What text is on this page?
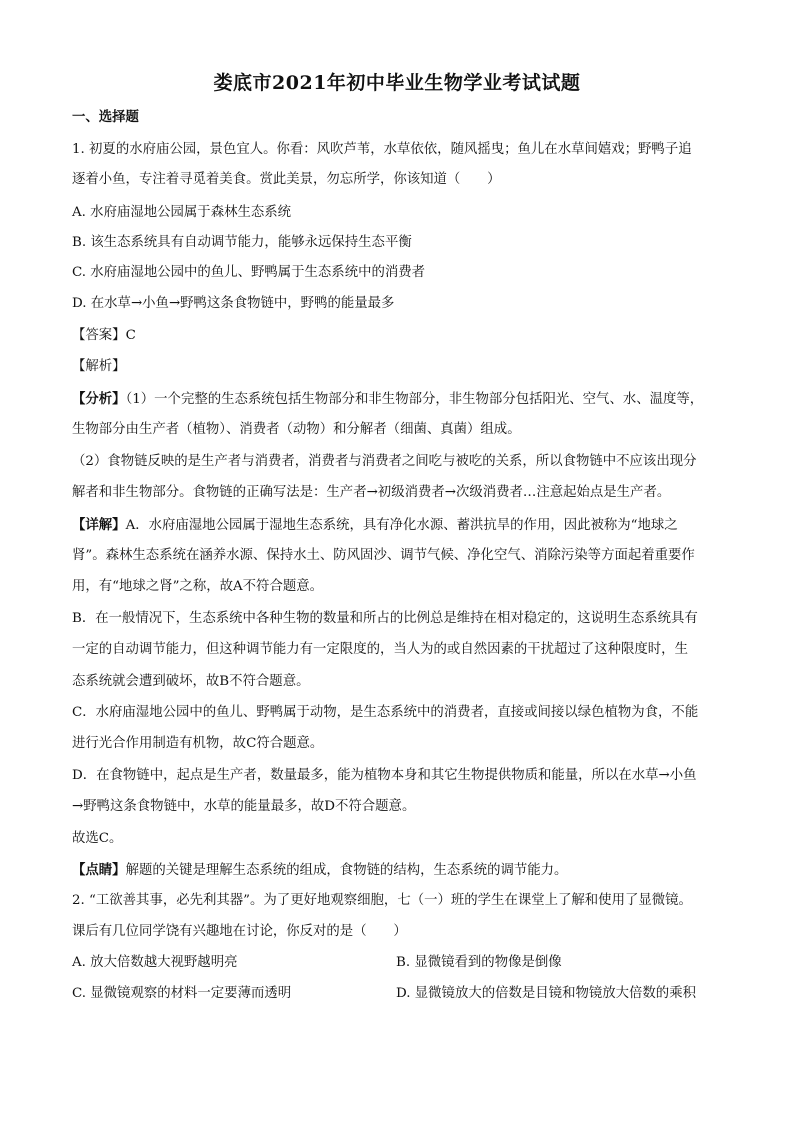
娄底市2021年初中毕业生物学业考试试题
一、选择题
1. 初夏的水府庙公园，景色宜人。你看：风吹芦苇，水草依依，随风摇曳；鱼儿在水草间嬉戏；野鸭子追
逐着小鱼，专注着寻觅着美食。赏此美景，勿忘所学，你该知道（　　）
A. 水府庙湿地公园属于森林生态系统
B. 该生态系统具有自动调节能力，能够永远保持生态平衡
C. 水府庙湿地公园中的鱼儿、野鸭属于生态系统中的消费者
D. 在水草→小鱼→野鸭这条食物链中，野鸭的能量最多
【答案】C
【解析】
【分析】（1）一个完整的生态系统包括生物部分和非生物部分，非生物部分包括阳光、空气、水、温度等，
生物部分由生产者（植物）、消费者（动物）和分解者（细菌、真菌）组成。
（2）食物链反映的是生产者与消费者，消费者与消费者之间吃与被吃的关系，所以食物链中不应该出现分
解者和非生物部分。食物链的正确写法是：生产者→初级消费者→次级消费者…注意起始点是生产者。
【详解】A．水府庙湿地公园属于湿地生态系统，具有净化水源、蓄洪抗旱的作用，因此被称为“地球之
肾”。森林生态系统在涵养水源、保持水土、防风固沙、调节气候、净化空气、消除污染等方面起着重要作
用，有“地球之肾”之称，故A不符合题意。
B．在一般情况下，生态系统中各种生物的数量和所占的比例总是维持在相对稳定的，这说明生态系统具有
一定的自动调节能力，但这种调节能力有一定限度的，当人为的或自然因素的干扰超过了这种限度时，生
态系统就会遭到破坏，故B不符合题意。
C．水府庙湿地公园中的鱼儿、野鸭属于动物，是生态系统中的消费者，直接或间接以绿色植物为食，不能
进行光合作用制造有机物，故C符合题意。
D．在食物链中，起点是生产者，数量最多，能为植物本身和其它生物提供物质和能量，所以在水草→小鱼
→野鸭这条食物链中，水草的能量最多，故D不符合题意。
故选C。
【点睛】解题的关键是理解生态系统的组成，食物链的结构，生态系统的调节能力。
2. “工欲善其事，必先利其器”。为了更好地观察细胞，七（一）班的学生在课堂上了解和使用了显微镜。
课后有几位同学饶有兴趣地在讨论，你反对的是（　　）
A. 放大倍数越大视野越明亮	B. 显微镜看到的物像是倒像
C. 显微镜观察的材料一定要薄而透明	D. 显微镜放大的倍数是目镜和物镜放大倍数的乘积
